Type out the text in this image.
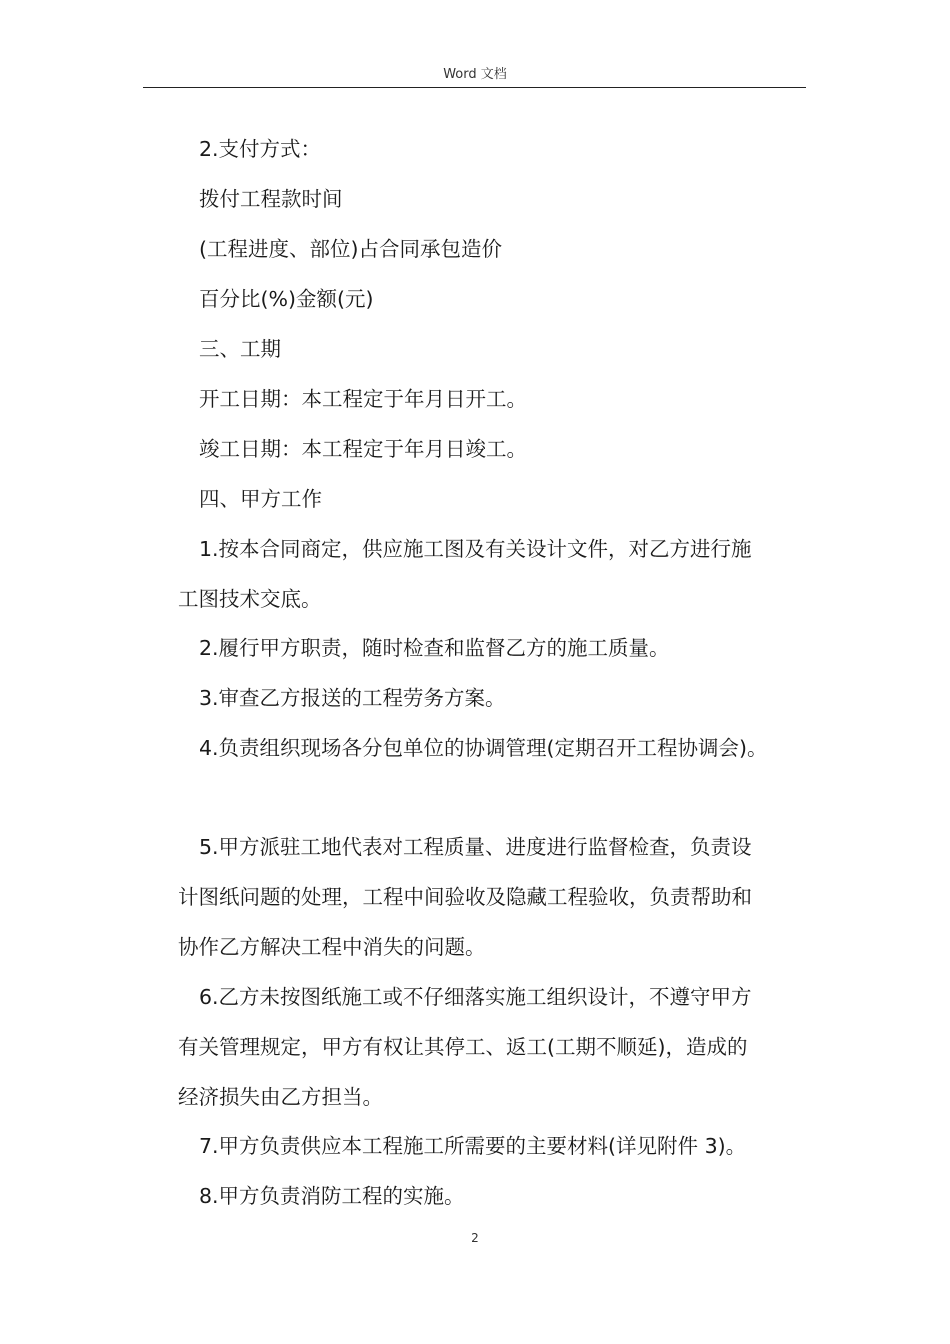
Word 文档
2.支付方式：
拨付工程款时间
(工程进度、部位)占合同承包造价
百分比(%)金额(元)
三、工期
开工日期：本工程定于年月日开工。
竣工日期：本工程定于年月日竣工。
四、甲方工作
1.按本合同商定，供应施工图及有关设计文件，对乙方进行施
工图技术交底。
2.履行甲方职责，随时检查和监督乙方的施工质量。
3.审查乙方报送的工程劳务方案。
4.负责组织现场各分包单位的协调管理(定期召开工程协调会)。
5.甲方派驻工地代表对工程质量、进度进行监督检查，负责设
计图纸问题的处理，工程中间验收及隐藏工程验收，负责帮助和
协作乙方解决工程中消失的问题。
6.乙方未按图纸施工或不仔细落实施工组织设计，不遵守甲方
有关管理规定，甲方有权让其停工、返工(工期不顺延)，造成的
经济损失由乙方担当。
7.甲方负责供应本工程施工所需要的主要材料(详见附件 3)。
8.甲方负责消防工程的实施。
2
